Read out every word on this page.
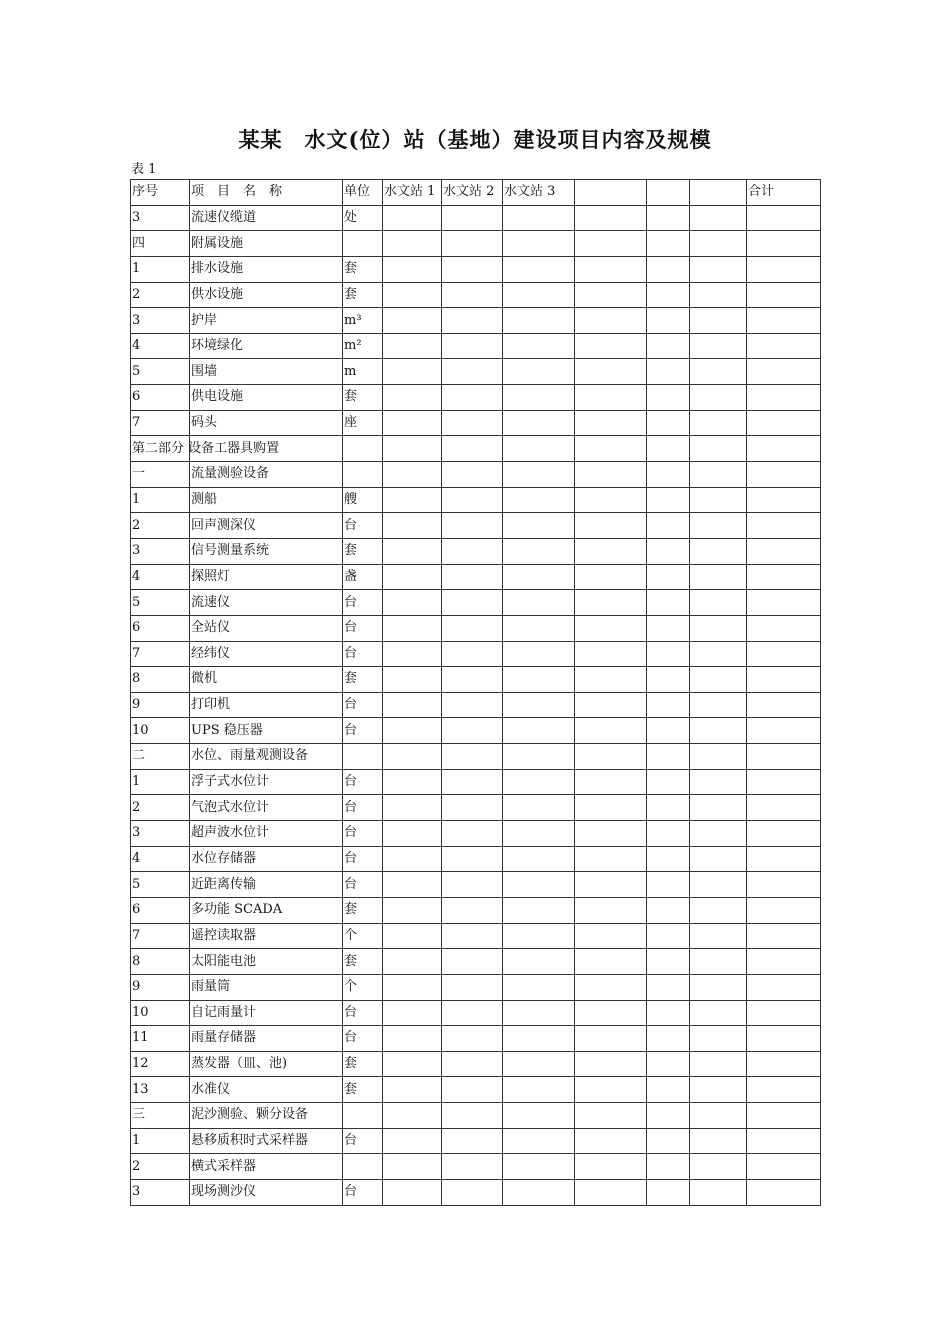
某某　水文(位）站（基地）建设项目内容及规模
表 1
序号	项　目　名　称	单位	水文站 1	水文站 2	水文站 3				合计
3	流速仪缆道	处							
四	附属设施								
1	排水设施	套							
2	供水设施	套							
3	护岸	m³							
4	环境绿化	m²							
5	围墙	m							
6	供电设施	套							
7	码头	座							
第二部分 设备工器具购置									
一	流量测验设备								
1	测船	艘							
2	回声测深仪	台							
3	信号测量系统	套							
4	探照灯	盏							
5	流速仪	台							
6	全站仪	台							
7	经纬仪	台							
8	微机	套							
9	打印机	台							
10	UPS 稳压器	台							
二	水位、雨量观测设备								
1	浮子式水位计	台							
2	气泡式水位计	台							
3	超声波水位计	台							
4	水位存储器	台							
5	近距离传输	台							
6	多功能 SCADA	套							
7	遥控读取器	个							
8	太阳能电池	套							
9	雨量筒	个							
10	自记雨量计	台							
11	雨量存储器	台							
12	蒸发器（皿、池)	套							
13	水准仪	套							
三	泥沙测验、颗分设备								
1	悬移质积时式采样器	台							
2	横式采样器								
3	现场测沙仪	台							
